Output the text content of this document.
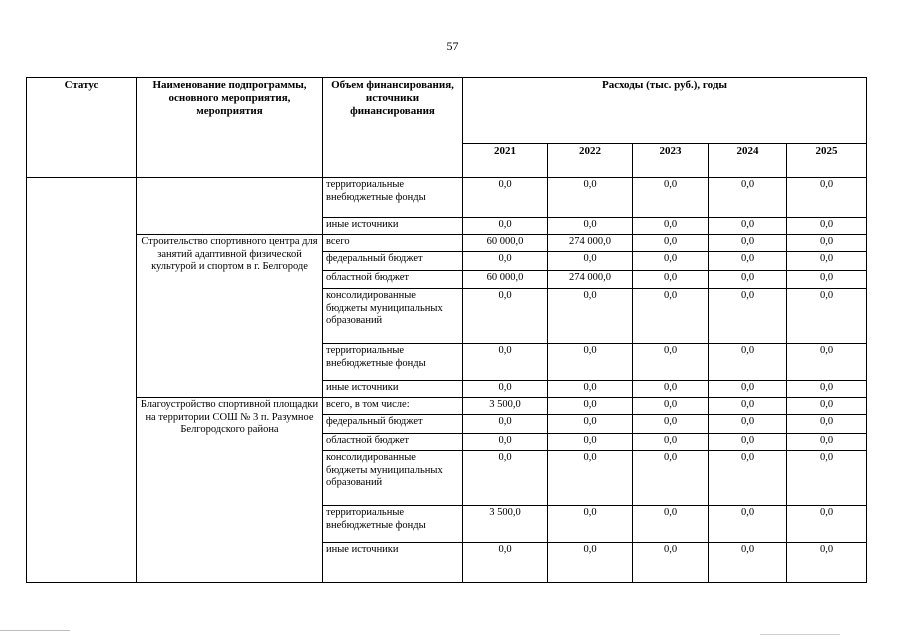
57
Статус	Наименование подпрограммы, основного мероприятия, мероприятия	Объем финансирования, источники финансирования	Расходы (тыс. руб.), годы				
			2021	2022	2023	2024	2025
		территориальные внебюджетные фонды	0,0	0,0	0,0	0,0	0,0
		иные источники	0,0	0,0	0,0	0,0	0,0
	Строительство спортивного центра для занятий адаптивной физической культурой и спортом в г. Белгороде	всего	60 000,0	274 000,0	0,0	0,0	0,0
		федеральный бюджет	0,0	0,0	0,0	0,0	0,0
		областной бюджет	60 000,0	274 000,0	0,0	0,0	0,0
		консолидированные бюджеты муниципальных образований	0,0	0,0	0,0	0,0	0,0
		территориальные внебюджетные фонды	0,0	0,0	0,0	0,0	0,0
		иные источники	0,0	0,0	0,0	0,0	0,0
	Благоустройство спортивной площадки на территории СОШ № 3 п. Разумное Белгородского района	всего, в том числе:	3 500,0	0,0	0,0	0,0	0,0
		федеральный бюджет	0,0	0,0	0,0	0,0	0,0
		областной бюджет	0,0	0,0	0,0	0,0	0,0
		консолидированные бюджеты муниципальных образований	0,0	0,0	0,0	0,0	0,0
		территориальные внебюджетные фонды	3 500,0	0,0	0,0	0,0	0,0
		иные источники	0,0	0,0	0,0	0,0	0,0
